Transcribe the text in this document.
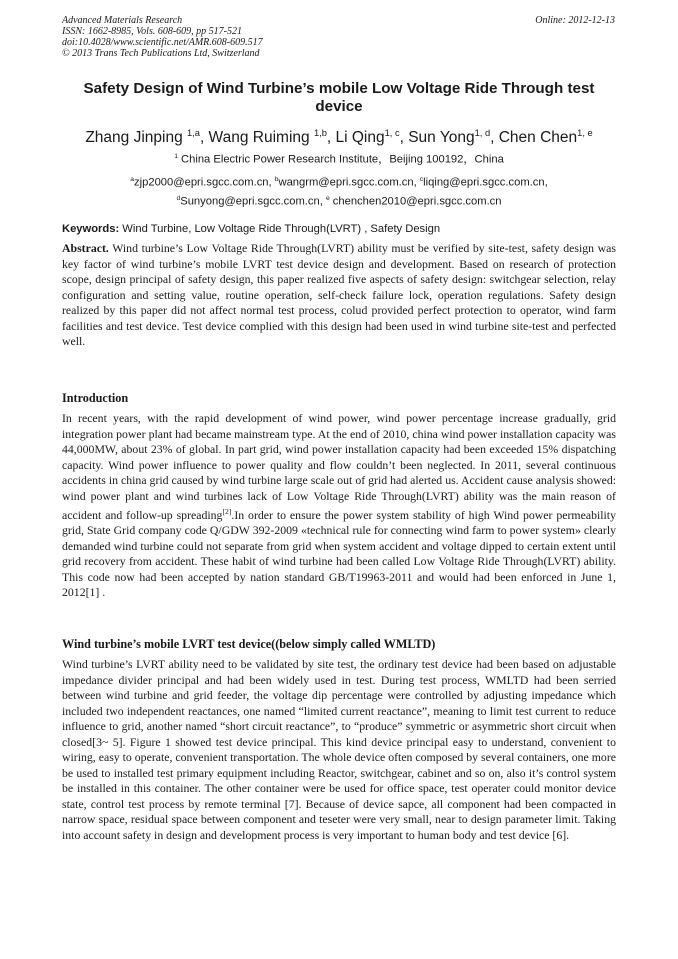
Advanced Materials Research
ISSN: 1662-8985, Vols. 608-609, pp 517-521
doi:10.4028/www.scientific.net/AMR.608-609.517
© 2013 Trans Tech Publications Ltd, Switzerland
Online: 2012-12-13
Safety Design of Wind Turbine’s mobile Low Voltage Ride Through test device
Zhang Jinping $^{1,a}$, Wang Ruiming $^{1,b}$, Li Qing$^{1, c}$, Sun Yong$^{1, d}$, Chen Chen$^{1, e}$
$^1$ China Electric Power Research Institute，Beijing 100192，China
$^a$zjp2000@epri.sgcc.com.cn, $^b$wangrm@epri.sgcc.com.cn, $^c$liqing@epri.sgcc.com.cn,
$^d$Sunyong@epri.sgcc.com.cn, $^e$ chenchen2010@epri.sgcc.com.cn
Keywords: Wind Turbine, Low Voltage Ride Through(LVRT) , Safety Design
Abstract. Wind turbine’s Low Voltage Ride Through(LVRT) ability must be verified by site-test, safety design was key factor of wind turbine’s mobile LVRT test device design and development. Based on research of protection scope, design principal of safety design, this paper realized five aspects of safety design: switchgear selection, relay configuration and setting value, routine operation, self-check failure lock, operation regulations. Safety design realized by this paper did not affect normal test process, colud provided perfect protection to operator, wind farm facilities and test device. Test device complied with this design had been used in wind turbine site-test and perfected well.
Introduction
In recent years, with the rapid development of wind power, wind power percentage increase gradually, grid integration power plant had became mainstream type. At the end of 2010, china wind power installation capacity was 44,000MW, about 23% of global. In part grid, wind power installation capacity had been exceeded 15% dispatching capacity. Wind power influence to power quality and flow couldn’t been neglected. In 2011, several continuous accidents in china grid caused by wind turbine large scale out of grid had alerted us. Accident cause analysis showed: wind power plant and wind turbines lack of Low Voltage Ride Through(LVRT) ability was the main reason of accident and follow-up spreading[2].In order to ensure the power system stability of high Wind power permeability grid, State Grid company code Q/GDW 392-2009 «technical rule for connecting wind farm to power system» clearly demanded wind turbine could not separate from grid when system accident and voltage dipped to certain extent until grid recovery from accident. These habit of wind turbine had been called Low Voltage Ride Through(LVRT) ability. This code now had been accepted by nation standard GB/T19963-2011 and would had been enforced in June 1, 2012[1] .
Wind turbine’s mobile LVRT test device((below simply called WMLTD)
Wind turbine’s LVRT ability need to be validated by site test, the ordinary test device had been based on adjustable impedance divider principal and had been widely used in test. During test process, WMLTD had been serried between wind turbine and grid feeder, the voltage dip percentage were controlled by adjusting impedance which included two independent reactances, one named “limited current reactance”, meaning to limit test current to reduce influence to grid, another named “short circuit reactance”, to “produce” symmetric or asymmetric short circuit when closed[3~ 5]. Figure 1 showed test device principal. This kind device principal easy to understand, convenient to wiring, easy to operate, convenient transportation. The whole device often composed by several containers, one more be used to installed test primary equipment including Reactor, switchgear, cabinet and so on, also it’s control system be installed in this container. The other container were be used for office space, test operater could monitor device state, control test process by remote terminal [7]. Because of device sapce, all component had been compacted in narrow space, residual space between component and teseter were very small, near to design parameter limit. Taking into account safety in design and development process is very important to human body and test device [6].
